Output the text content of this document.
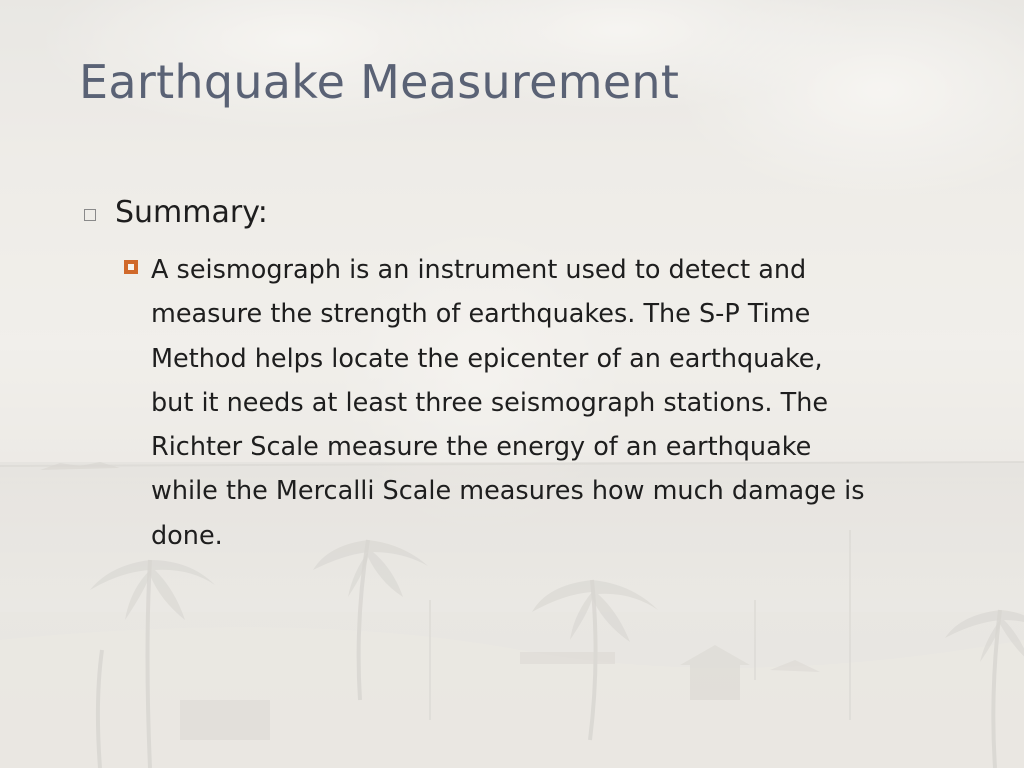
Earthquake Measurement
Summary:
A seismograph is an instrument used to detect and
measure the strength of earthquakes. The S-P Time
Method helps locate the epicenter of an earthquake,
but it needs at least three seismograph stations. The
Richter Scale measure the energy of an earthquake
while the Mercalli Scale measures how much damage is
done.
